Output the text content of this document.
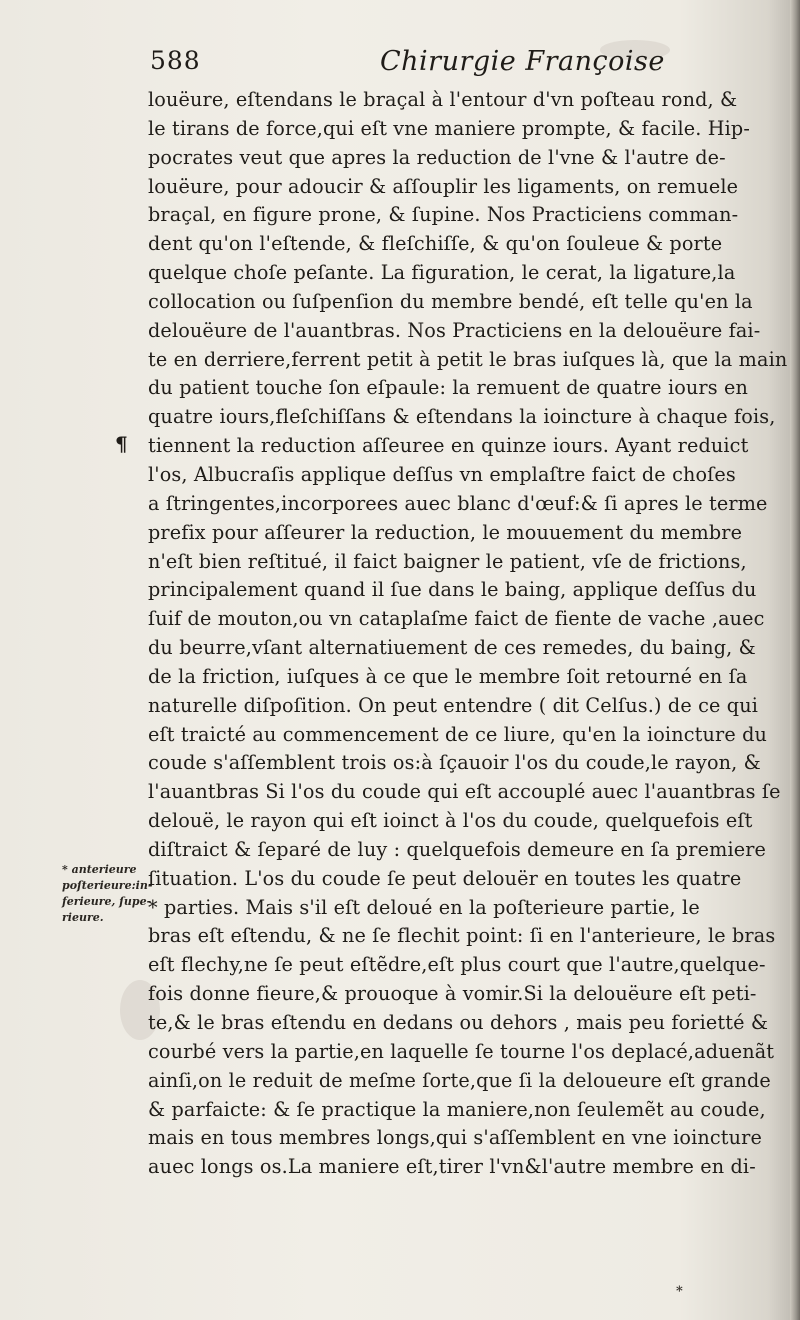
588	Chirurgie Françoise
¶
* anterieure
poſterieure:in-
ferieure, ſupe-
rieure.
louëure, eſtendans le braçal à l'entour d'vn poſteau rond, &
le tirans de force,qui eſt vne maniere prompte, & facile. Hip-
pocrates veut que apres la reduction de l'vne & l'autre de-
louëure, pour adoucir & aſſouplir les ligaments, on remuele
braçal, en figure prone, & ſupine. Nos Practiciens comman-
dent qu'on l'eſtende, & fleſchiſſe, & qu'on ſouleue & porte
quelque choſe peſante. La figuration, le cerat, la ligature,la
collocation ou ſuſpenſion du membre bendé, eſt telle qu'en la
delouëure de l'auantbras. Nos Practiciens en la delouëure fai-
te en derriere,ferrent petit à petit le bras iuſques là, que la main
du patient touche ſon eſpaule: la remuent de quatre iours en
quatre iours,fleſchiſſans & eſtendans la ioincture à chaque fois,
tiennent la reduction aſſeuree en quinze iours. Ayant reduict
l'os, Albucraſis applique deſſus vn emplaſtre faict de choſes
a ſtringentes,incorporees auec blanc d'œuf:& ſi apres le terme
prefix pour aſſeurer la reduction, le mouuement du membre
n'eſt bien reſtitué, il faict baigner le patient, vſe de frictions,
principalement quand il ſue dans le baing, applique deſſus du
ſuif de mouton,ou vn cataplaſme faict de fiente de vache ,auec
du beurre,vſant alternatiuement de ces remedes, du baing, &
de la friction, iuſques à ce que le membre ſoit retourné en ſa
naturelle diſpoſition. On peut entendre ( dit Celſus.) de ce qui
eſt traicté au commencement de ce liure, qu'en la ioincture du
coude s'aſſemblent trois os:à ſçauoir l'os du coude,le rayon, &
l'auantbras Si l'os du coude qui eſt accouplé auec l'auantbras ſe
delouë, le rayon qui eſt ioinct à l'os du coude, quelquefois eſt
diſtraict & ſeparé de luy : quelquefois demeure en ſa premiere
ſituation. L'os du coude ſe peut delouër en toutes les quatre
* parties. Mais s'il eſt deloué en la poſterieure partie, le
bras eſt eſtendu, & ne ſe flechit point: ſi en l'anterieure, le bras
eſt flechy,ne ſe peut eſtẽdre,eſt plus court que l'autre,quelque-
fois donne fieure,& prouoque à vomir.Si la delouëure eſt peti-
te,& le bras eſtendu en dedans ou dehors , mais peu forietté &
courbé vers la partie,en laquelle ſe tourne l'os deplacé,aduenãt
ainſi,on le reduit de meſme ſorte,que ſi la deloueure eſt grande
& parfaicte: & ſe practique la maniere,non ſeulemẽt au coude,
mais en tous membres longs,qui s'aſſemblent en vne ioincture
auec longs os.La maniere eſt,tirer l'vn&l'autre membre en di-
*
